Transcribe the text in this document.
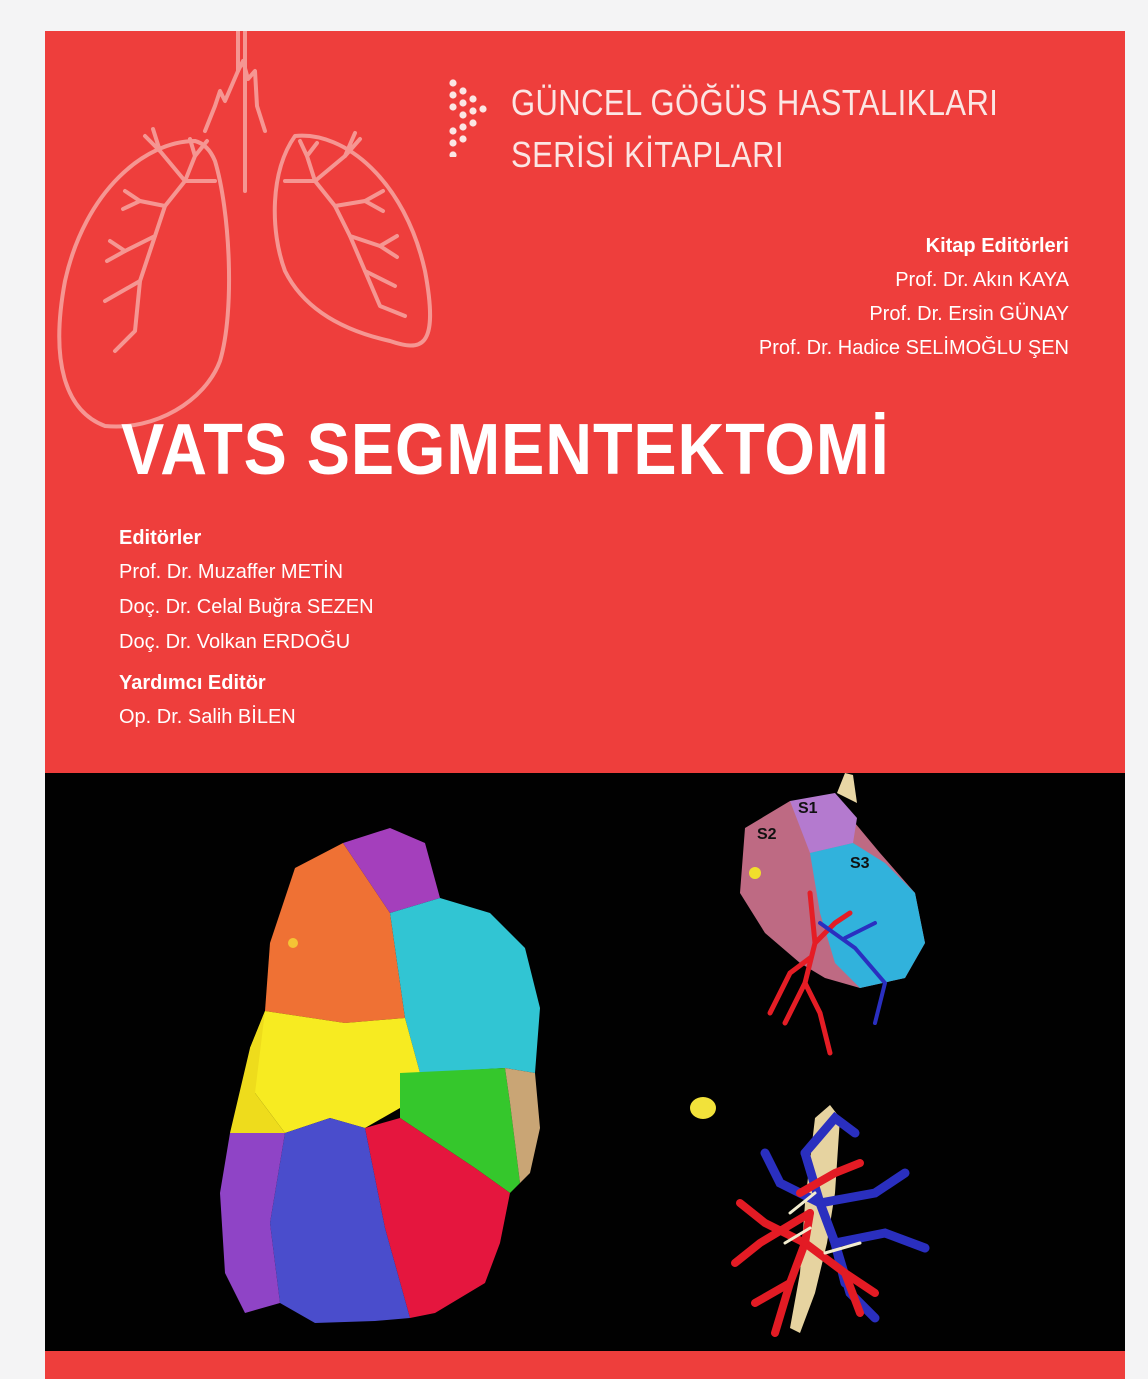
GÜNCEL GÖĞÜS HASTALIKLARI
SERİSİ KİTAPLARI
Kitap Editörleri
Prof. Dr. Akın KAYA
Prof. Dr. Ersin GÜNAY
Prof. Dr. Hadice SELİMOĞLU ŞEN
VATS SEGMENTEKTOMİ
Editörler
Prof. Dr. Muzaffer METİN
Doç. Dr. Celal Buğra SEZEN
Doç. Dr. Volkan ERDOĞU
Yardımcı Editör
Op. Dr. Salih BİLEN
S1
S2
S3
